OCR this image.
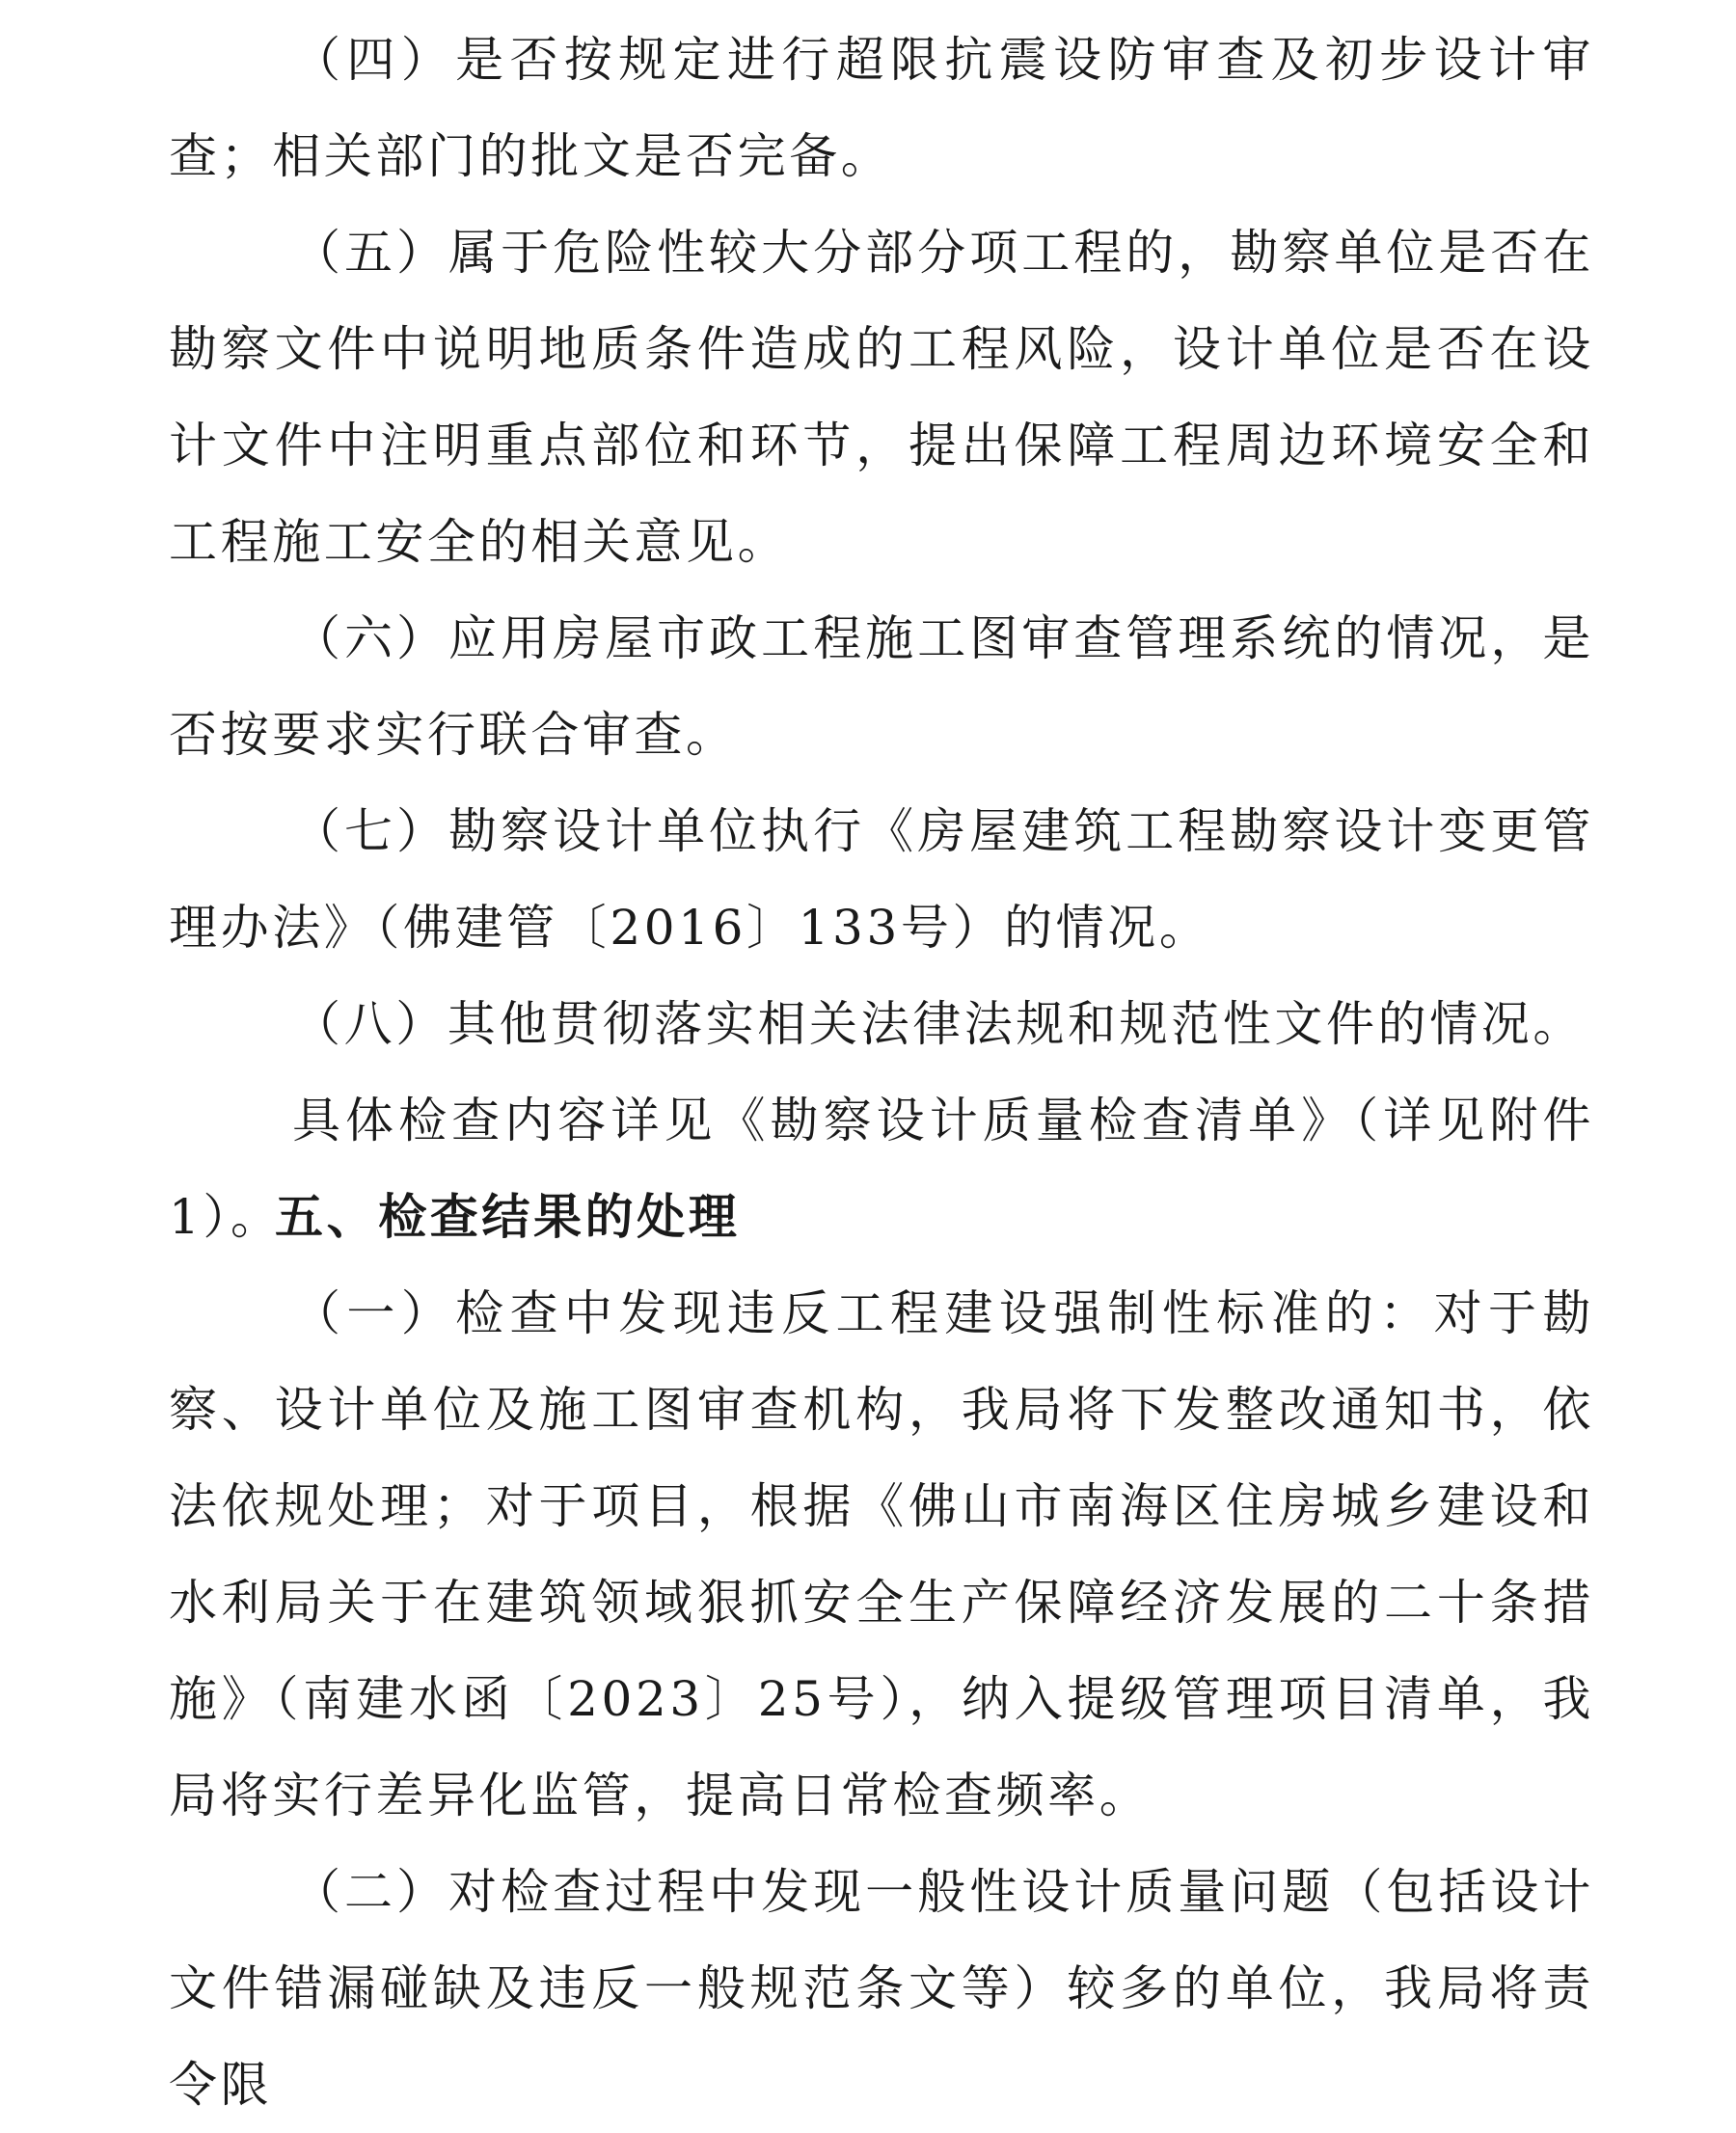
（四）是否按规定进行超限抗震设防审查及初步设计审查；相关部门的批文是否完备。

（五）属于危险性较大分部分项工程的，勘察单位是否在勘察文件中说明地质条件造成的工程风险，设计单位是否在设计文件中注明重点部位和环节，提出保障工程周边环境安全和工程施工安全的相关意见。

（六）应用房屋市政工程施工图审查管理系统的情况，是否按要求实行联合审查。

（七）勘察设计单位执行《房屋建筑工程勘察设计变更管理办法》（佛建管〔2016〕133号）的情况。

（八）其他贯彻落实相关法律法规和规范性文件的情况。

具体检查内容详见《勘察设计质量检查清单》（详见附件1）。

五、检查结果的处理

（一）检查中发现违反工程建设强制性标准的：对于勘察、设计单位及施工图审查机构，我局将下发整改通知书，依法依规处理；对于项目，根据《佛山市南海区住房城乡建设和水利局关于在建筑领域狠抓安全生产保障经济发展的二十条措施》（南建水函〔2023〕25号），纳入提级管理项目清单，我局将实行差异化监管，提高日常检查频率。

（二）对检查过程中发现一般性设计质量问题（包括设计文件错漏碰缺及违反一般规范条文等）较多的单位，我局将责令限
